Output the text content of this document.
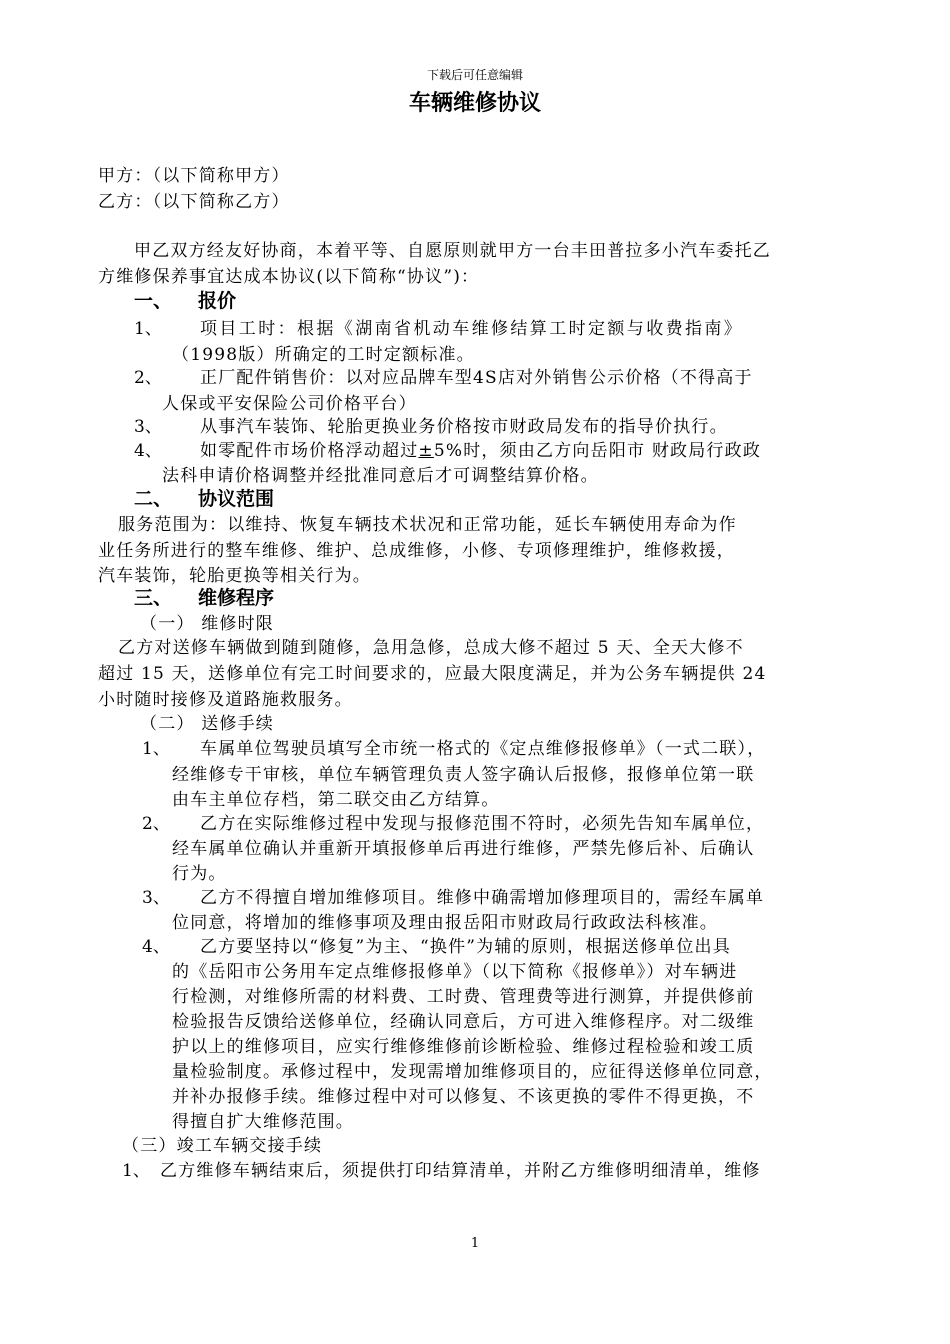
下载后可任意编辑
车辆维修协议
甲方：（以下简称甲方）
乙方：（以下简称乙方）
甲乙双方经友好协商，本着平等、自愿原则就甲方一台丰田普拉多小汽车委托乙
方维修保养事宜达成本协议(以下简称“协议”)：
一、 报价
1、 项目工时：根据《湖南省机动车维修结算工时定额与收费指南》
（1998版）所确定的工时定额标准。
2、 正厂配件销售价：以对应品牌车型4S店对外销售公示价格（不得高于
人保或平安保险公司价格平台）
3、 从事汽车装饰、轮胎更换业务价格按市财政局发布的指导价执行。
4、 如零配件市场价格浮动超过±5%时，须由乙方向岳阳市 财政局行政政
法科申请价格调整并经批准同意后才可调整结算价格。
二、 协议范围
服务范围为：以维持、恢复车辆技术状况和正常功能，延长车辆使用寿命为作
业任务所进行的整车维修、维护、总成维修，小修、专项修理维护，维修救援，
汽车装饰，轮胎更换等相关行为。
三、 维修程序
（一） 维修时限
乙方对送修车辆做到随到随修，急用急修，总成大修不超过 5 天、全天大修不
超过 15 天，送修单位有完工时间要求的，应最大限度满足，并为公务车辆提供 24
小时随时接修及道路施救服务。
（二） 送修手续
1、 车属单位驾驶员填写全市统一格式的《定点维修报修单》（一式二联），
经维修专干审核，单位车辆管理负责人签字确认后报修，报修单位第一联
由车主单位存档，第二联交由乙方结算。
2、 乙方在实际维修过程中发现与报修范围不符时，必须先告知车属单位，
经车属单位确认并重新开填报修单后再进行维修，严禁先修后补、后确认
行为。
3、 乙方不得擅自增加维修项目。维修中确需增加修理项目的，需经车属单
位同意，将增加的维修事项及理由报岳阳市财政局行政政法科核准。
4、 乙方要坚持以“修复”为主、“换件”为辅的原则，根据送修单位出具
的《岳阳市公务用车定点维修报修单》（以下简称《报修单》）对车辆进
行检测，对维修所需的材料费、工时费、管理费等进行测算，并提供修前
检验报告反馈给送修单位，经确认同意后，方可进入维修程序。对二级维
护以上的维修项目，应实行维修维修前诊断检验、维修过程检验和竣工质
量检验制度。承修过程中，发现需增加维修项目的，应征得送修单位同意，
并补办报修手续。维修过程中对可以修复、不该更换的零件不得更换，不
得擅自扩大维修范围。
（三）竣工车辆交接手续
1、 乙方维修车辆结束后，须提供打印结算清单，并附乙方维修明细清单，维修
1
